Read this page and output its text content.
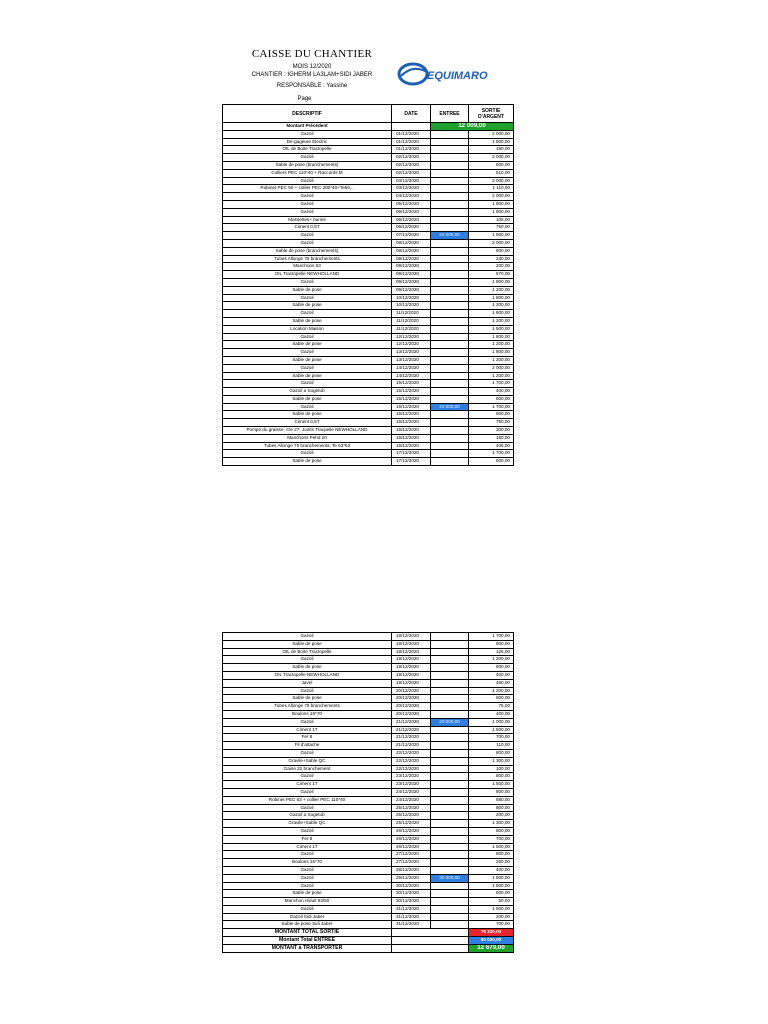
CAISSE DU CHANTIER
MOIS 12/2020
CHANTIER : IGHERM LA3LAM+SIDI JABER
RESPONSABLE : Yassine
Page
EQUIMARO
DESCRIPTIF	DATE	ENTREE	SORTIE
D'ARGENT

Montant Précédent		12 009,00	
Gazoil	01/12/2020		2 000,00
De-gageure Electric	01/12/2020		1 500,00
OIL de Boite Tractopelle	01/12/2020		190,00
Gazoil	02/12/2020		2 000,00
Sable de pose (branchements)	02/12/2020		600,00
Colliers PEC 110*40 + Raccords M	02/12/2020		510,00
Gazoil	03/12/2020		2 000,00
Robinet PEC 50 + collier PEC 200*40+Te50,..	03/12/2020		1 110,00
Gazoil	04/12/2020		2 000,00
Gazoil	05/12/2020		1 600,00
Gazoil	06/12/2020		1 600,00
Massettes+ burins	06/12/2020		105,00
Ciment 0,5T	06/12/2020		750,00
Gazoil	07/12/2020	20 000,00	1 500,00
Gazoil	08/12/2020		2 000,00
Sable de pose (branchements)	08/12/2020		600,00
Tubes Allonge 75 branchements	08/12/2020		240,00
Manchons 63	08/12/2020		200,00
OIL Tractopelle NEWHOLLAND	08/12/2020		570,00
Gazoil	09/12/2020		1 800,00
Sable de pose	09/12/2020		1 200,00
Gazoil	10/12/2020		1 800,00
Sable de pose	10/12/2020		1 200,00
Gazoil	11/12/2020		1 800,00
Sable de pose	11/12/2020		1 200,00
Location Maison	11/12/2020		1 500,00
Gazoil	12/12/2020		1 800,00
Sable de pose	12/12/2020		1 200,00
Gazoil	13/12/2020		1 800,00
Sable de pose	13/12/2020		1 200,00
Gazoil	14/12/2020		2 000,00
Sable de pose	14/12/2020		1 200,00
Gazoil	15/12/2020		1 700,00
Gazoil a Sogetub	15/12/2020		400,00
Sable de pose	15/12/2020		600,00
Gazoil	16/12/2020	20 000,00	1 700,00
Sable de pose	16/12/2020		600,00
Ciment 0,5T	16/12/2020		750,00
Pompe du graisse, Cle 27, Joints Tracpelle NEWHOLLAND	16/12/2020		300,00
Manchons Pehd 20	16/12/2020		150,00
Tubes Allonge 75 branchements, Te 63*63	16/12/2020		405,00
Gazoil	17/12/2020		1 700,00
Sable de pose	17/12/2020		600,00
Gazoil	18/12/2020		1 700,00
Sable de pose	18/12/2020		600,00
OIL de Boite Tractopelle	18/12/2020		125,00
Gazoil	19/12/2020		1 200,00
Sable de pose	19/12/2020		600,00
OIL Tractopelle NEWHOLLAND	19/12/2020		400,00
Javel	19/12/2020		480,00
Gazoil	20/12/2020		1 200,00
Sable de pose	20/12/2020		600,00
Tubes Allonge 75 branchements	20/12/2020		75,00
Boulons 16*70	20/12/2020		400,00
Gazoil	21/12/2020	20 000,00	1 000,00
Ciment 1T	21/12/2020		1 500,00
Fer 8	21/12/2020		700,00
Fil d'attache	21/12/2020		110,00
Gazoil	22/12/2020		800,00
Gravile+Sable QC	22/12/2020		1 300,00
Gaine 32 branchement	22/12/2020		100,00
Gazoil	23/12/2020		800,00
Ciment 1T	23/12/2020		1 500,00
Gazoil	24/12/2020		800,00
Robinet PEC 63 + collier PEC 110*40	24/12/2020		880,00
Gazoil	25/12/2020		800,00
Gazoil a Sogetub	25/12/2020		200,00
Gravile+Sable QC	25/12/2020		1 300,00
Gazoil	26/12/2020		800,00
Fer 8	26/12/2020		700,00
Ciment 1T	26/12/2020		1 500,00
Gazoil	27/12/2020		800,00
Boulons 16*70	27/12/2020		260,00
Gazoil	28/12/2020		400,00
Gazoil	29/12/2020	30 000,00	1 500,00
Gazoil	30/12/2020		1 500,00
Sable de pose	30/12/2020		600,00
Manchon réduit 63/50	30/12/2020		50,00
Gazoil	31/12/2020		1 500,00
Gazoil Sidi Jaber	31/12/2020		200,00
Sable de pose Sidi Jaber	31/12/2020		700,00
MONTANT TOTAL SORTIE			79 330,00
Montant Total ENTREE			90 000,00
MONTANT à TRANSPORTER			12 679,00
